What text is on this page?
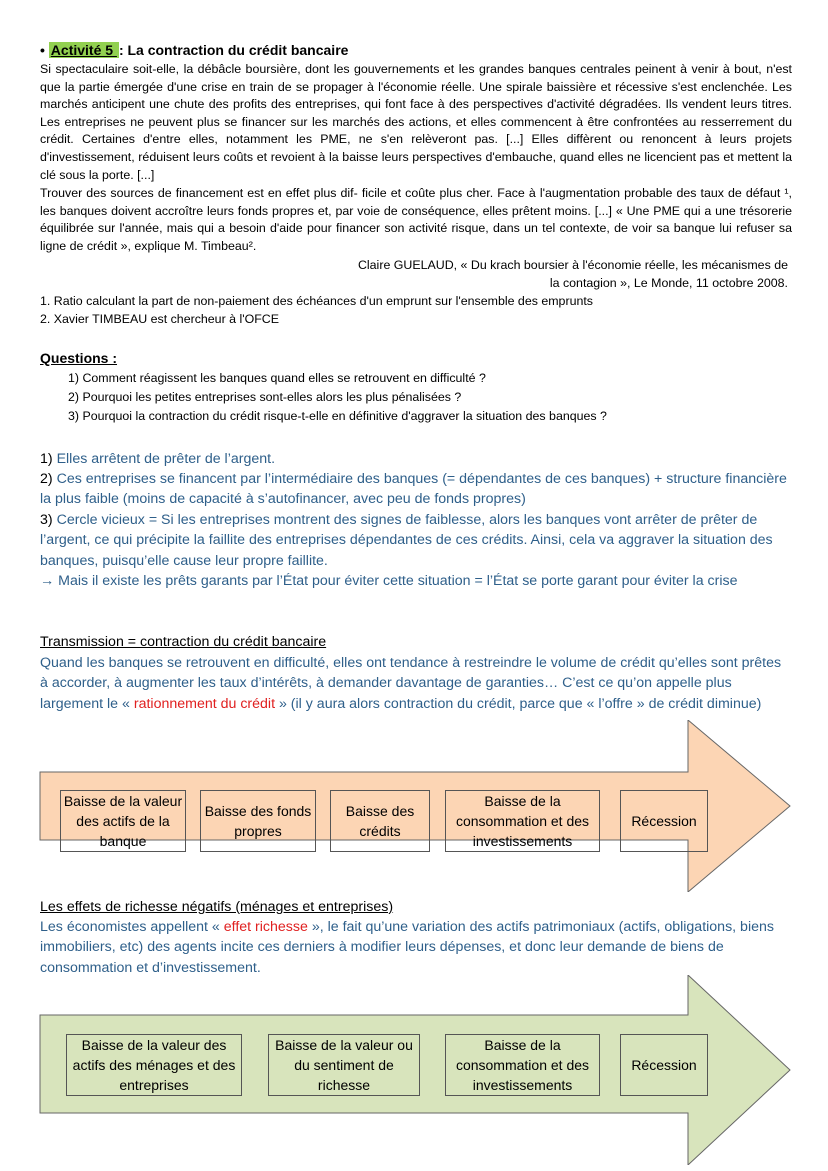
• Activité 5 : La contraction du crédit bancaire
Si spectaculaire soit-elle, la débâcle boursière, dont les gouvernements et les grandes banques centrales peinent à venir à bout, n'est que la partie émergée d'une crise en train de se propager à l'économie réelle. Une spirale baissière et récessive s'est enclenchée. Les marchés anticipent une chute des profits des entreprises, qui font face à des perspectives d'activité dégradées. Ils vendent leurs titres. Les entreprises ne peuvent plus se financer sur les marchés des actions, et elles commencent à être confrontées au resserrement du crédit. Certaines d'entre elles, notamment les PME, ne s'en relèveront pas. [...] Elles diffèrent ou renoncent à leurs projets d'investissement, réduisent leurs coûts et revoient à la baisse leurs perspectives d'embauche, quand elles ne licencient pas et mettent la clé sous la porte. [...]
Trouver des sources de financement est en effet plus dif- ficile et coûte plus cher. Face à l'augmentation probable des taux de défaut ¹, les banques doivent accroître leurs fonds propres et, par voie de conséquence, elles prêtent moins. [...] « Une PME qui a une trésorerie équilibrée sur l'année, mais qui a besoin d'aide pour financer son activité risque, dans un tel contexte, de voir sa banque lui refuser sa ligne de crédit », explique M. Timbeau².
Claire GUELAUD, « Du krach boursier à l'économie réelle, les mécanismes de
la contagion », Le Monde, 11 octobre 2008.
1. Ratio calculant la part de non-paiement des échéances d'un emprunt sur l'ensemble des emprunts
2. Xavier TIMBEAU est chercheur à l'OFCE
Questions :
1) Comment réagissent les banques quand elles se retrouvent en difficulté ?
2) Pourquoi les petites entreprises sont-elles alors les plus pénalisées ?
3) Pourquoi la contraction du crédit risque-t-elle en définitive d'aggraver la situation des banques ?
1) Elles arrêtent de prêter de l’argent.
2) Ces entreprises se financent par l’intermédiaire des banques (= dépendantes de ces banques) + structure financière la plus faible (moins de capacité à s’autofinancer, avec peu de fonds propres)
3) Cercle vicieux = Si les entreprises montrent des signes de faiblesse, alors les banques vont arrêter de prêter de l’argent, ce qui précipite la faillite des entreprises dépendantes de ces crédits. Ainsi, cela va aggraver la situation des banques, puisqu’elle cause leur propre faillite.
→ Mais il existe les prêts garants par l’État pour éviter cette situation = l’État se porte garant pour éviter la crise
Transmission = contraction du crédit bancaire
Quand les banques se retrouvent en difficulté, elles ont tendance à restreindre le volume de crédit qu’elles sont prêtes à accorder, à augmenter les taux d’intérêts, à demander davantage de garanties… C’est ce qu’on appelle plus largement le « rationnement du crédit » (il y aura alors contraction du crédit, parce que « l’offre » de crédit diminue)
Baisse de la valeur des actifs de la banque
Baisse des fonds propres
Baisse des crédits
Baisse de la consommation et des investissements
Récession
Les effets de richesse négatifs (ménages et entreprises)
Les économistes appellent « effet richesse », le fait qu’une variation des actifs patrimoniaux (actifs, obligations, biens immobiliers, etc) des agents incite ces derniers à modifier leurs dépenses, et donc leur demande de biens de consommation et d’investissement.
Baisse de la valeur des actifs des ménages et des entreprises
Baisse de la valeur ou du sentiment de richesse
Baisse de la consommation et des investissements
Récession
